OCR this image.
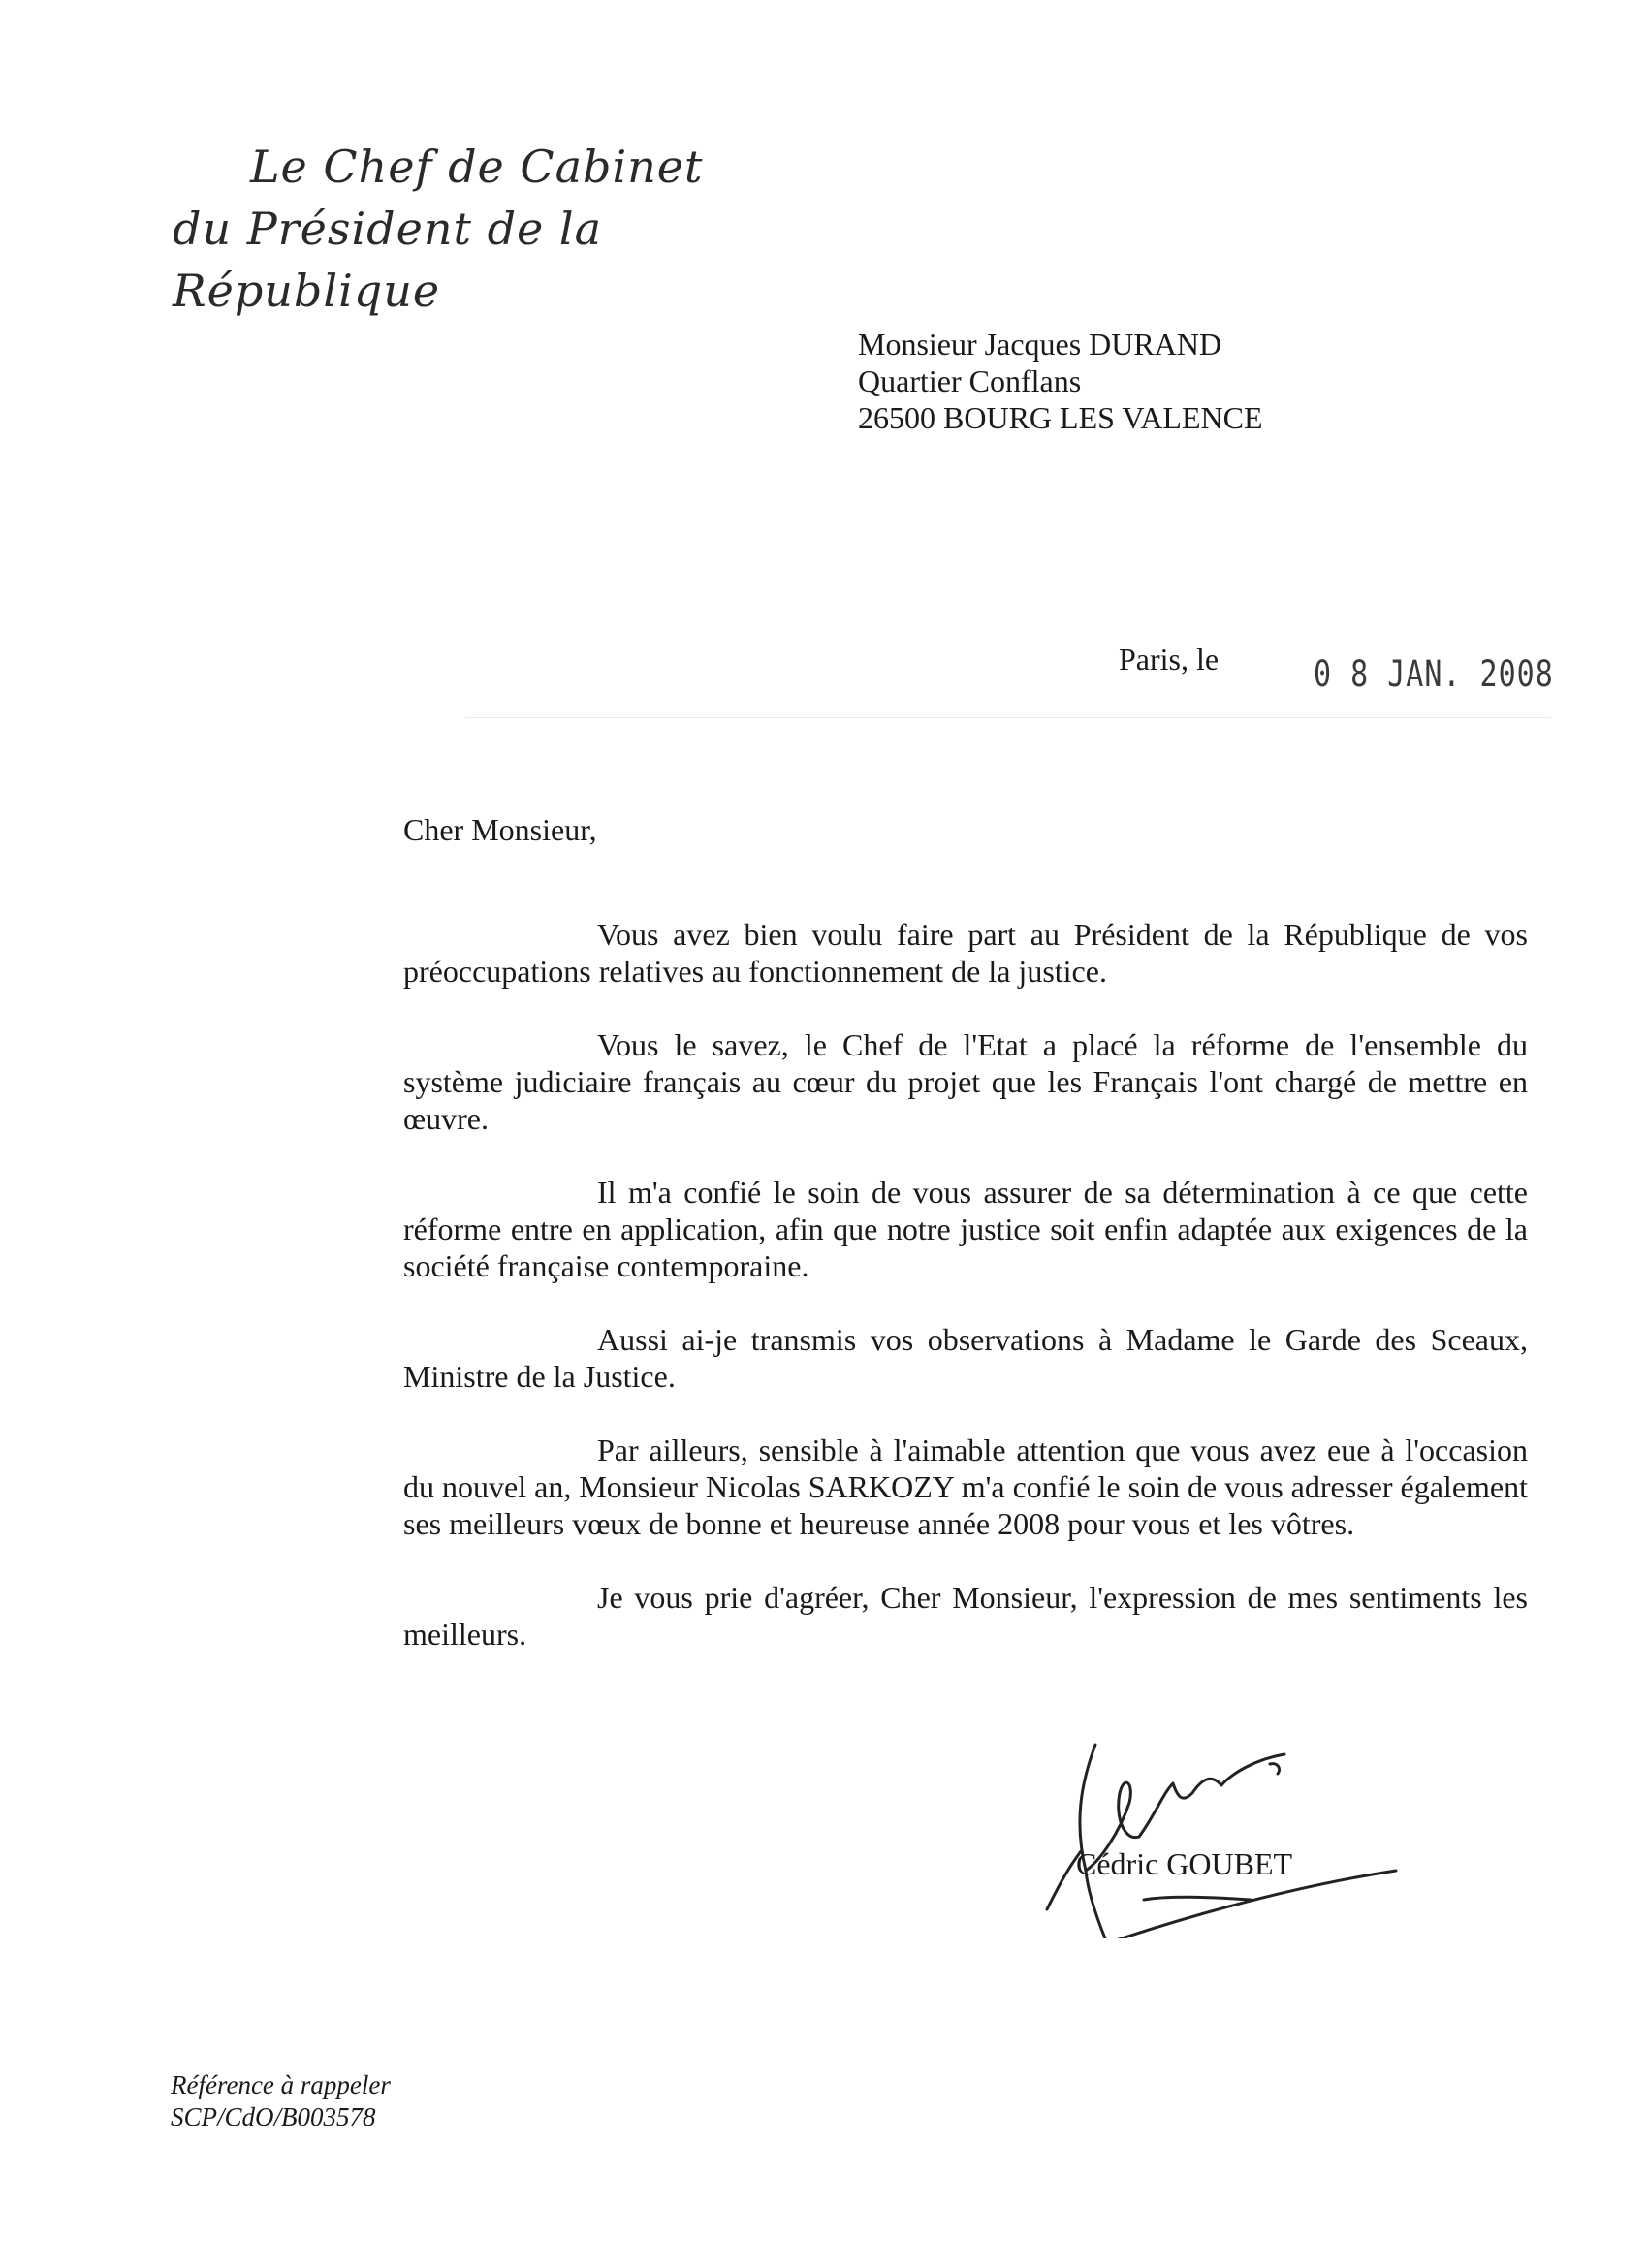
Le Chef de Cabinet
du Président de la République
Monsieur Jacques DURAND
Quartier Conflans
26500 BOURG LES VALENCE
Paris, le	0 8 JAN. 2008
Cher Monsieur,

Vous avez bien voulu faire part au Président de la République de vos préoccupations relatives au fonctionnement de la justice.

Vous le savez, le Chef de l'Etat a placé la réforme de l'ensemble du système judiciaire français au cœur du projet que les Français l'ont chargé de mettre en œuvre.

Il m'a confié le soin de vous assurer de sa détermination à ce que cette réforme entre en application, afin que notre justice soit enfin adaptée aux exigences de la société française contemporaine.

Aussi ai-je transmis vos observations à Madame le Garde des Sceaux, Ministre de la Justice.

Par ailleurs, sensible à l'aimable attention que vous avez eue à l'occasion du nouvel an, Monsieur Nicolas SARKOZY m'a confié le soin de vous adresser également ses meilleurs vœux de bonne et heureuse année 2008 pour vous et les vôtres.

Je vous prie d'agréer, Cher Monsieur, l'expression de mes sentiments les meilleurs.

Cédric GOUBET
Référence à rappeler
SCP/CdO/B003578
